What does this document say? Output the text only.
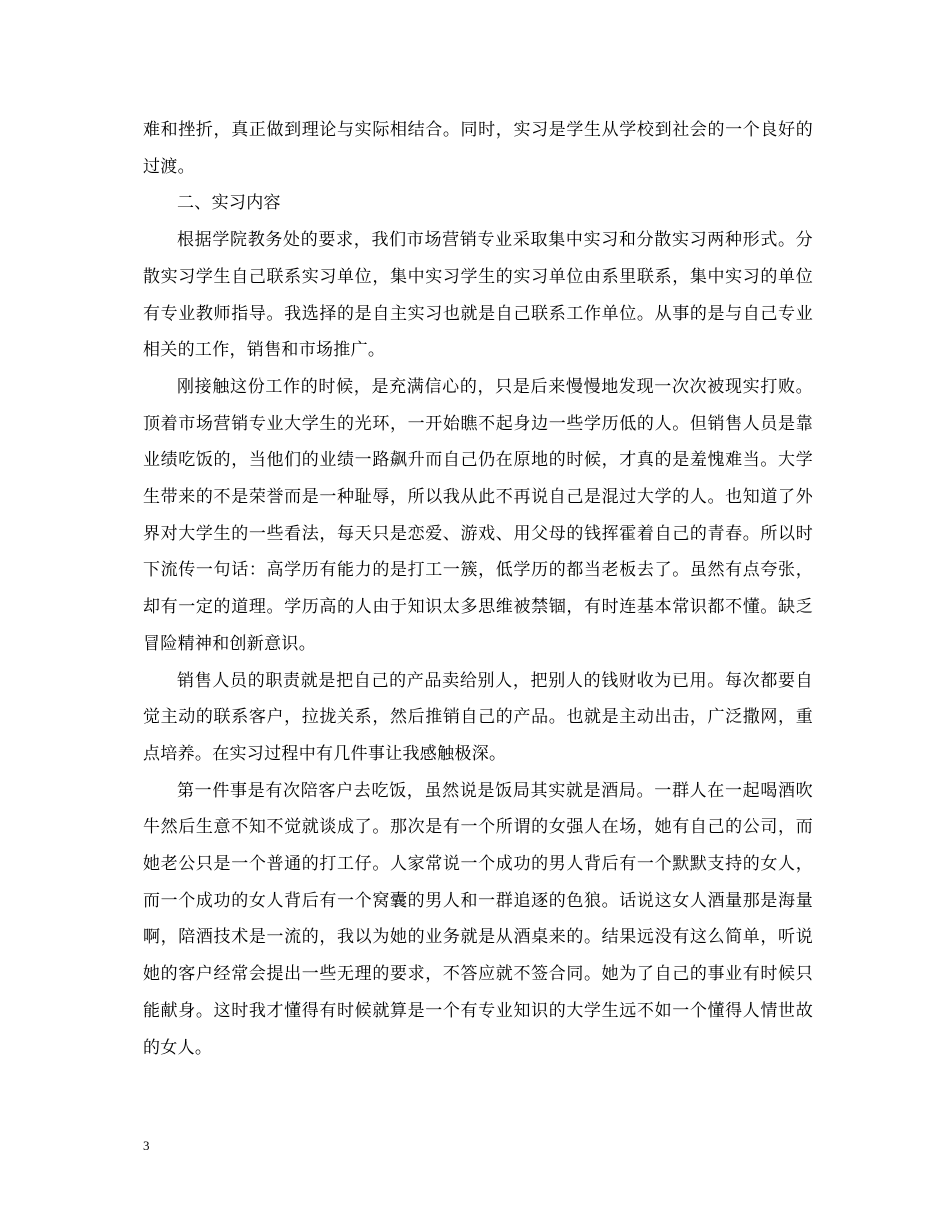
难和挫折，真正做到理论与实际相结合。同时，实习是学生从学校到社会的一个良好的过渡。

二、实习内容

根据学院教务处的要求，我们市场营销专业采取集中实习和分散实习两种形式。分散实习学生自己联系实习单位，集中实习学生的实习单位由系里联系，集中实习的单位有专业教师指导。我选择的是自主实习也就是自己联系工作单位。从事的是与自己专业相关的工作，销售和市场推广。

刚接触这份工作的时候，是充满信心的，只是后来慢慢地发现一次次被现实打败。顶着市场营销专业大学生的光环，一开始瞧不起身边一些学历低的人。但销售人员是靠业绩吃饭的，当他们的业绩一路飙升而自己仍在原地的时候，才真的是羞愧难当。大学生带来的不是荣誉而是一种耻辱，所以我从此不再说自己是混过大学的人。也知道了外界对大学生的一些看法，每天只是恋爱、游戏、用父母的钱挥霍着自己的青春。所以时下流传一句话：高学历有能力的是打工一簇，低学历的都当老板去了。虽然有点夸张，却有一定的道理。学历高的人由于知识太多思维被禁锢，有时连基本常识都不懂。缺乏冒险精神和创新意识。

销售人员的职责就是把自己的产品卖给别人，把别人的钱财收为已用。每次都要自觉主动的联系客户，拉拢关系，然后推销自己的产品。也就是主动出击，广泛撒网，重点培养。在实习过程中有几件事让我感触极深。

第一件事是有次陪客户去吃饭，虽然说是饭局其实就是酒局。一群人在一起喝酒吹牛然后生意不知不觉就谈成了。那次是有一个所谓的女强人在场，她有自己的公司，而她老公只是一个普通的打工仔。人家常说一个成功的男人背后有一个默默支持的女人，而一个成功的女人背后有一个窝囊的男人和一群追逐的色狼。话说这女人酒量那是海量啊，陪酒技术是一流的，我以为她的业务就是从酒桌来的。结果远没有这么简单，听说她的客户经常会提出一些无理的要求，不答应就不签合同。她为了自己的事业有时候只能献身。这时我才懂得有时候就算是一个有专业知识的大学生远不如一个懂得人情世故的女人。

3
